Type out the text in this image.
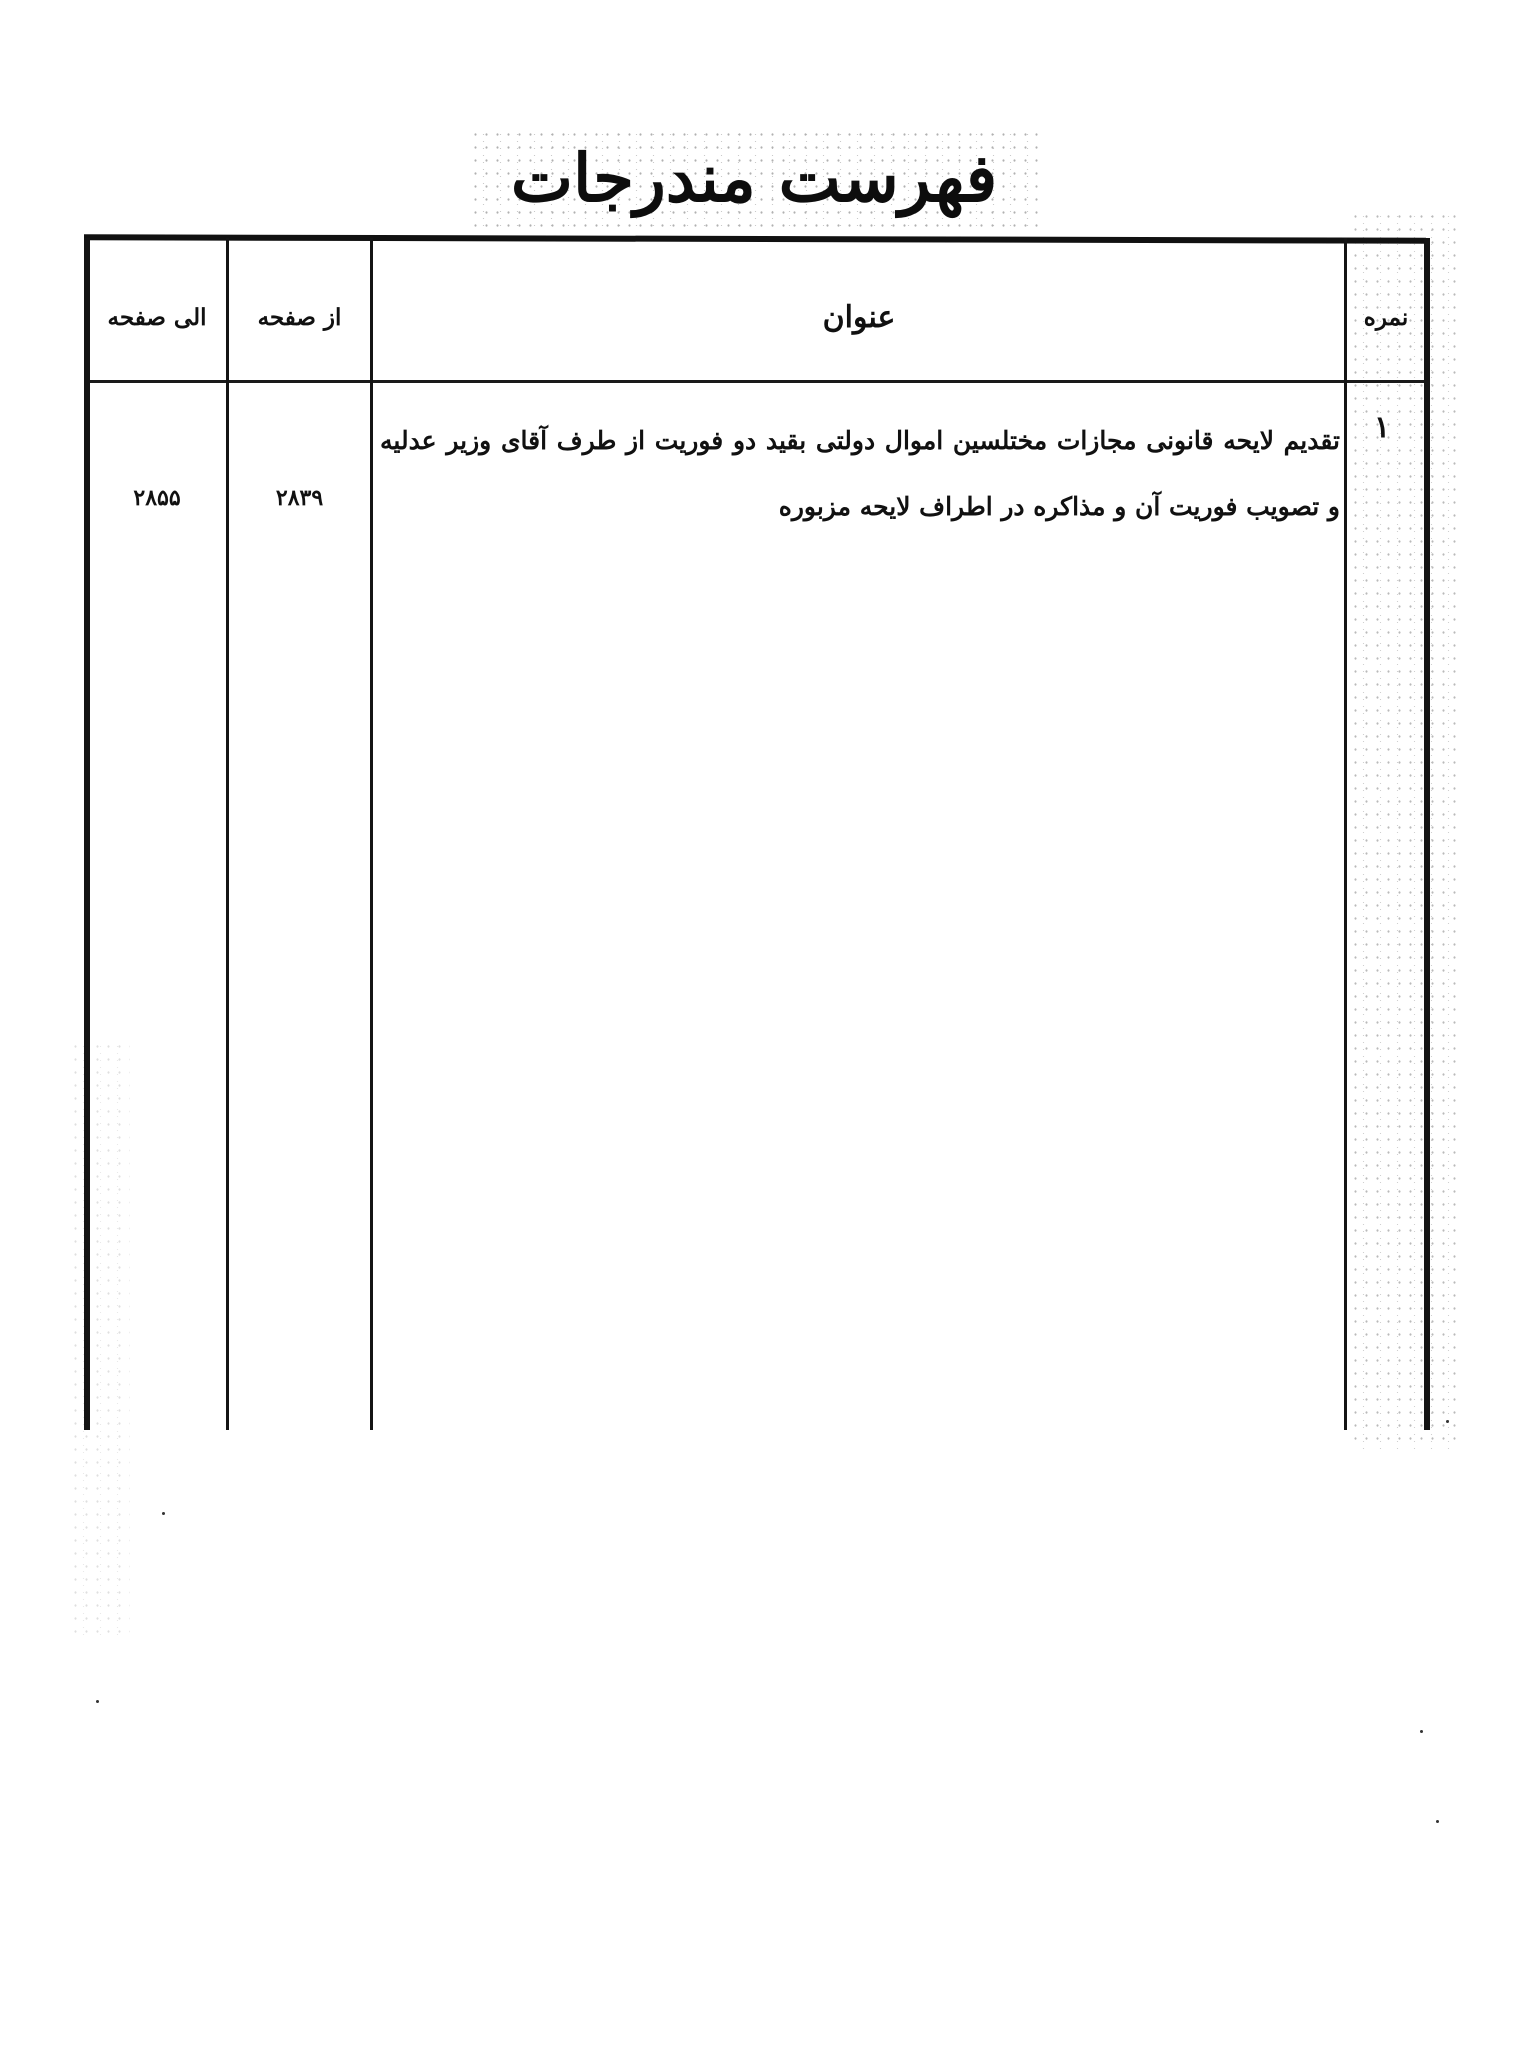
فهرست مندرجات
نمره
عنوان
از صفحه
الی صفحه
۱
تقدیم لایحه قانونی مجازات مختلسین اموال دولتی بقید دو فوریت از طرف آقای وزیر عدلیه و تصویب فوریت آن و مذاکره در اطراف لایحه مزبوره
۲۸۳۹
۲۸۵۵
